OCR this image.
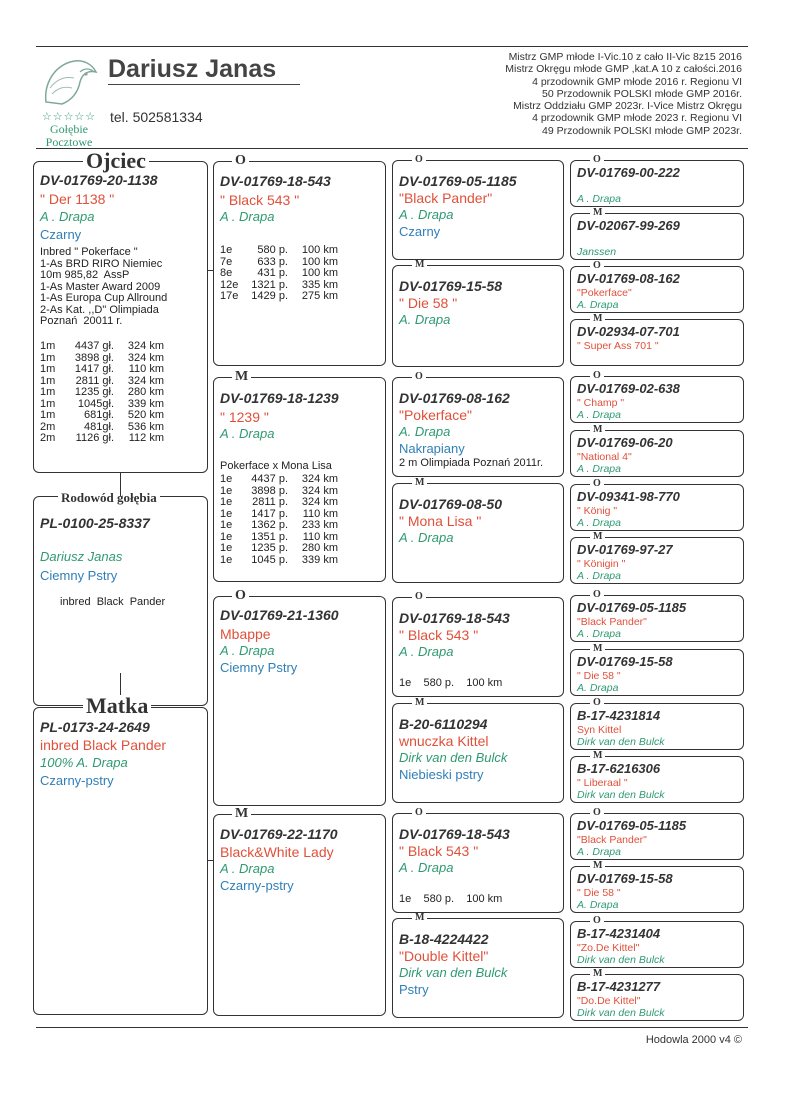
☆☆☆☆☆
Gołębie
Pocztowe
Dariusz Janas
tel. 502581334
Mistrz GMP młode I-Vic.10 z cało II-Vic 8z15 2016
Mistrz Okręgu młode GMP ,kat.A 10 z całości.2016
4 przodownik GMP młode 2016 r. Regionu VI
50 Przodownik POLSKI młode GMP 2016r.
Mistrz Oddziału GMP 2023r. I-Vice Mistrz Okręgu
4 przodownik GMP młode 2023 r. Regionu VI
49 Przodownik POLSKI młode GMP 2023r.
DV-01769-20-1138
" Der 1138 "
A . Drapa
Czarny
Inbred " Pokerface "
1-As BRD RIRO Niemiec
10m 985,82  AssP
1-As Master Award 2009
1-As Europa Cup Allround
2-As Kat. ,,D" Olimpiada
Poznań  20011 r.
1m	4437 gł.	324 km
1m	3898 gł.	324 km
1m	1417 gł.	110 km
1m	2811 gł.	324 km
1m	1235 gł.	280 km
1m	1045gł.	339 km
1m	681gł.	520 km
2m	481gł.	536 km
2m	1126 gł.	112 km
Ojciec
PL-0100-25-8337
Dariusz Janas
Ciemny Pstry
inbred  Black  Pander
Rodowód gołębia
PL-0173-24-2649
inbred Black Pander
100% A. Drapa
Czarny-pstry
Matka
DV-01769-18-543
" Black 543 "
A . Drapa
1e	580 p.	100 km
7e	633 p.	100 km
8e	431 p.	100 km
12e	1321 p.	335 km
17e	1429 p.	275 km
O
DV-01769-18-1239
" 1239 "
A . Drapa
Pokerface x Mona Lisa
1e	4437 p.	324 km
1e	3898 p.	324 km
1e	2811 p.	324 km
1e	1417 p.	110 km
1e	1362 p.	233 km
1e	1351 p.	110 km
1e	1235 p.	280 km
1e	1045 p.	339 km
M
DV-01769-21-1360
Mbappe
A . Drapa
Ciemny Pstry
O
DV-01769-22-1170
Black&White Lady
A . Drapa
Czarny-pstry
M
DV-01769-05-1185
"Black Pander"
A . Drapa
Czarny
O
DV-01769-15-58
" Die 58 "
A. Drapa
M
DV-01769-08-162
"Pokerface"
A. Drapa
Nakrapiany
2 m Olimpiada Poznań 2011r.
O
DV-01769-08-50
" Mona Lisa "
A . Drapa
M
DV-01769-18-543
" Black 543 "
A . Drapa
1e    580 p.    100 km
O
B-20-6110294
wnuczka Kittel
Dirk van den Bulck
Niebieski pstry
M
DV-01769-18-543
" Black 543 "
A . Drapa
1e    580 p.    100 km
O
B-18-4224422
"Double Kittel"
Dirk van den Bulck
Pstry
M
DV-01769-00-222
A . Drapa
O
DV-02067-99-269
Janssen
M
DV-01769-08-162
"Pokerface"
A. Drapa
O
DV-02934-07-701
" Super Ass 701 "
M
DV-01769-02-638
" Champ "
A . Drapa
O
DV-01769-06-20
"National 4"
A . Drapa
M
DV-09341-98-770
" König "
A . Drapa
O
DV-01769-97-27
" Königin "
A . Drapa
M
DV-01769-05-1185
"Black Pander"
A . Drapa
O
DV-01769-15-58
" Die 58 "
A. Drapa
M
B-17-4231814
Syn Kittel
Dirk van den Bulck
O
B-17-6216306
" Liberaal "
Dirk van den Bulck
M
DV-01769-05-1185
"Black Pander"
A . Drapa
O
DV-01769-15-58
" Die 58 "
A. Drapa
M
B-17-4231404
"Zo.De Kittel"
Dirk van den Bulck
O
B-17-4231277
"Do.De Kittel"
Dirk van den Bulck
M
Hodowla 2000 v4 ©
